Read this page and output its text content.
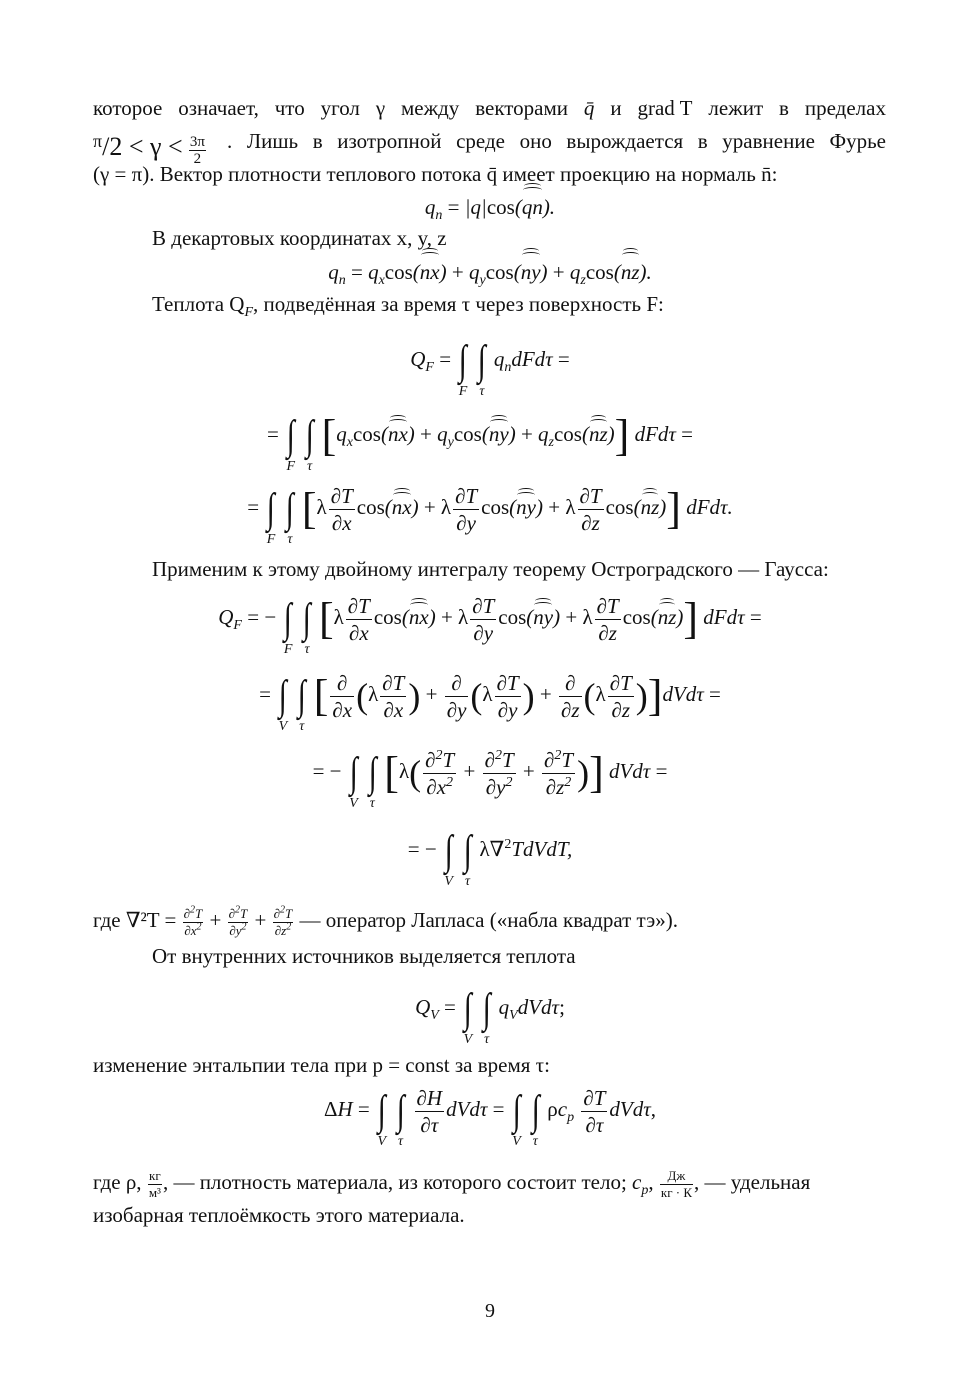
которое означает, что угол γ между векторами q̄ и grad T лежит в пределах
$\pi/2 < \gamma < \frac{3\pi}{2}$ . Лишь в изотропной среде оно вырождается в уравнение Фурье
(γ = π). Вектор плотности теплового потока q̄ имеет проекцию на нормаль n̄:
$q_n = |q|\cos(qn)$.
В декартовых координатах x, y, z
$q_n = q_x\cos(nx) + q_y\cos(ny) + q_z\cos(nz)$.
Теплота $Q_F$, подведённая за время τ через поверхность F:
$Q_F$ = ∫
F

∫
τ
$q_ndFd\tau$ =
= ∫
F

∫
τ
$[q_x\cos(nx) + q_y\cos(ny) + q_z\cos(nz)] dFd\tau$ =
= ∫
F

∫
τ
$[\lambda \frac{\partial T}{\partial x} \cos(nx) + \lambda \frac{\partial T}{\partial y} \cos(ny) + \lambda \frac{\partial T}{\partial z} \cos(nz)]$ dFdτ.
Применим к этому двойному интегралу теорему Остроградского — Гаусса:
$Q_F$ = − ∫
F

∫
τ
$[\lambda \frac{\partial T}{\partial x} \cos(nx) + \lambda \frac{\partial T}{\partial y} \cos(ny) + \lambda \frac{\partial T}{\partial z} \cos(nz)]$ dFdτ =
= ∫
V

∫
τ
[ $\frac{\partial}{\partial x} (\lambda \frac{\partial T}{\partial x}$ ) + $\frac{\partial}{\partial y} (\lambda \frac{\partial T}{\partial y}$ ) + $\frac{\partial}{\partial z} (\lambda \frac{\partial T}{\partial z} )]dVd\tau$ =
= − ∫
V

∫
τ
[$\lambda( \frac{\partial^2T}{\partial x^2} + \frac{\partial^2T}{\partial y^2} + \frac{\partial^2T}{\partial z^2}$ )] dVdτ =
= − ∫
V

∫
τ
λ∇$^2$TdVdT,
где $\nabla^2T = \frac{\partial^2T}{\partial x^2} + \frac{\partial^2T}{\partial y^2} + \frac{\partial^2T}{\partial z^2}$ — оператор Лапласа («набла квадрат тэ»).
От внутренних источников выделяется теплота
$Q_V$ = ∫
V

∫
τ
$q_VdVd\tau$;
изменение энтальпии тела при p = const за время τ:
ΔH = ∫
V

∫
τ

$\frac{\partial H}{\partial\tau}$ dVdτ = ∫
V

∫
τ
$\rho c_p \frac{\partial T}{\partial\tau} dVd\tau$,
где ρ, кг
м³ , — плотность материала, из которого состоит тело; $c_p$, Дж
кг · К , — удельная
изобарная теплоёмкость этого материала.
9
